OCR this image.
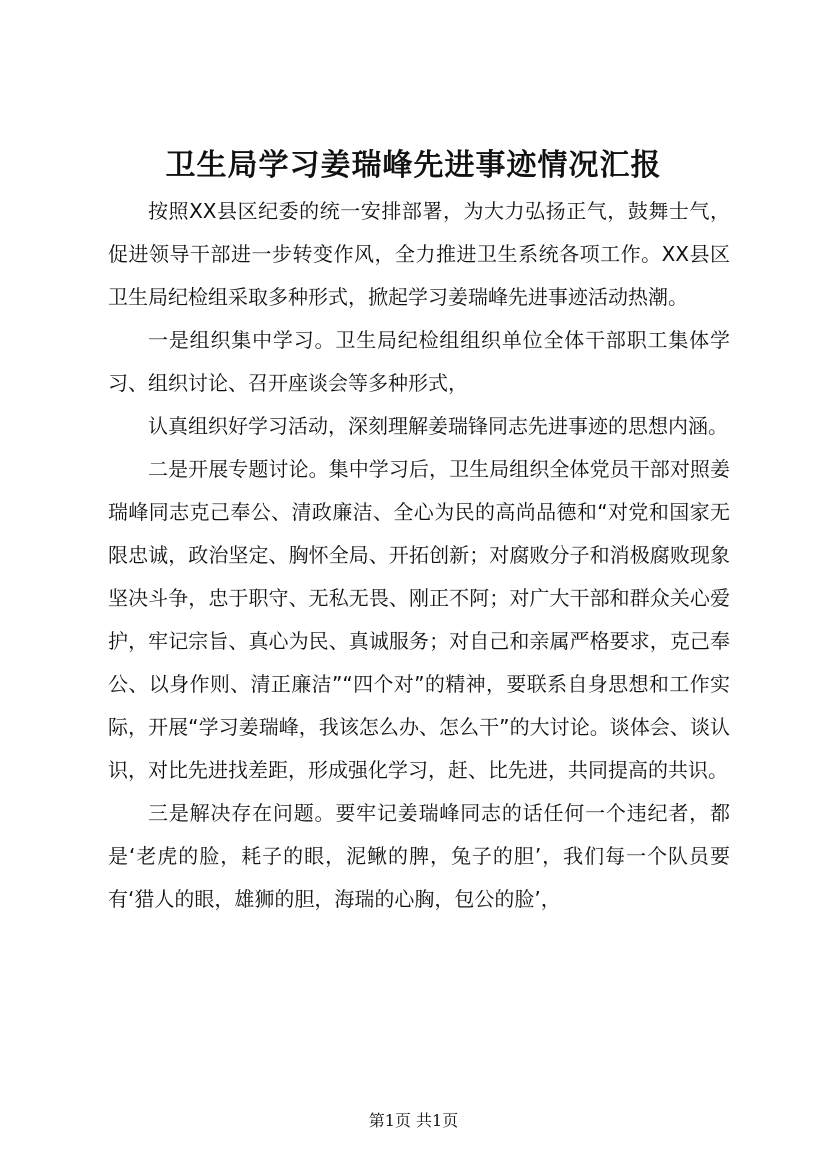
卫生局学习姜瑞峰先进事迹情况汇报

按照XX县区纪委的统一安排部署，为大力弘扬正气，鼓舞士气，促进领导干部进一步转变作风，全力推进卫生系统各项工作。XX县区卫生局纪检组采取多种形式，掀起学习姜瑞峰先进事迹活动热潮。

一是组织集中学习。卫生局纪检组组织单位全体干部职工集体学习、组织讨论、召开座谈会等多种形式，

认真组织好学习活动，深刻理解姜瑞锋同志先进事迹的思想内涵。

二是开展专题讨论。集中学习后，卫生局组织全体党员干部对照姜瑞峰同志克己奉公、清政廉洁、全心为民的高尚品德和“对党和国家无限忠诚，政治坚定、胸怀全局、开拓创新；对腐败分子和消极腐败现象坚决斗争，忠于职守、无私无畏、刚正不阿；对广大干部和群众关心爱护，牢记宗旨、真心为民、真诚服务；对自己和亲属严格要求，克己奉公、以身作则、清正廉洁”“四个对”的精神，要联系自身思想和工作实际，开展“学习姜瑞峰，我该怎么办、怎么干”的大讨论。谈体会、谈认识，对比先进找差距，形成强化学习，赶、比先进，共同提高的共识。

三是解决存在问题。要牢记姜瑞峰同志的话任何一个违纪者，都是‘老虎的脸，耗子的眼，泥鳅的脾，兔子的胆’，我们每一个队员要有‘猎人的眼，雄狮的胆，海瑞的心胸，包公的脸’，

第1页 共1页
